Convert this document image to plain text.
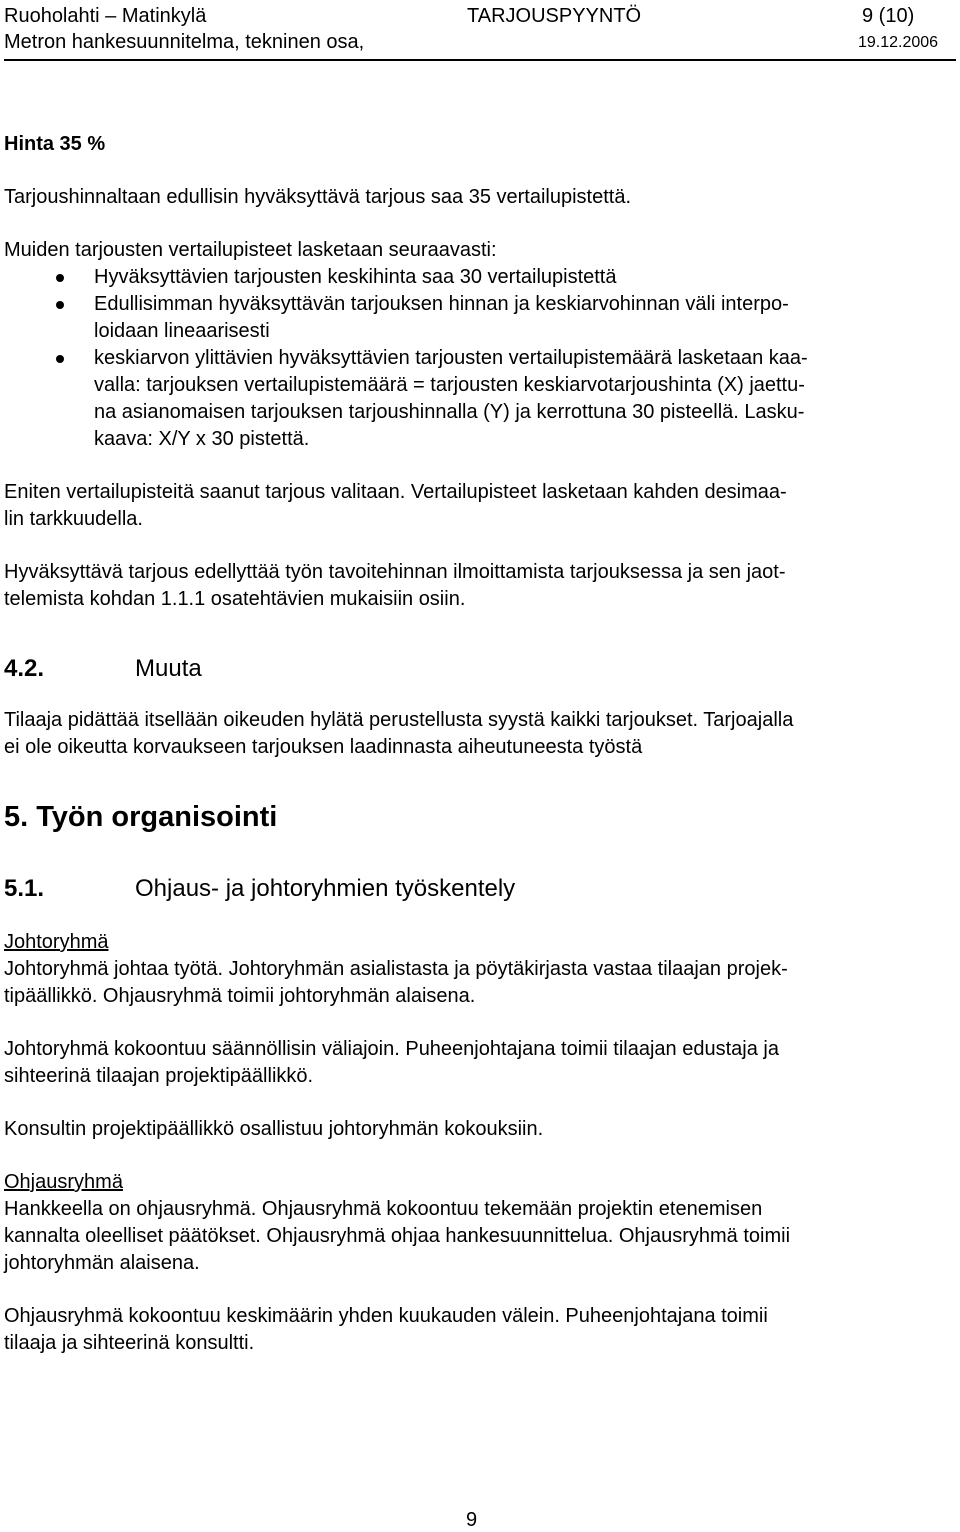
Ruoholahti – Matinkylä	TARJOUSPYYNTÖ	9 (10)
Metron hankesuunnitelma, tekninen osa,	19.12.2006

Hinta 35 %

Tarjoushinnaltaan edullisin hyväksyttävä tarjous saa 35 vertailupistettä.

Muiden tarjousten vertailupisteet lasketaan seuraavasti:

Hyväksyttävien tarjousten keskihinta saa 30 vertailupistettä
Edullisimman hyväksyttävän tarjouksen hinnan ja keskiarvohinnan väli interpo-
loidaan lineaarisesti
keskiarvon ylittävien hyväksyttävien tarjousten vertailupistemäärä lasketaan kaa-
valla: tarjouksen vertailupistemäärä = tarjousten keskiarvotarjoushinta (X) jaettu-
na asianomaisen tarjouksen tarjoushinnalla (Y) ja kerrottuna 30 pisteellä. Lasku-
kaava: X/Y x 30 pistettä.

Eniten vertailupisteitä saanut tarjous valitaan. Vertailupisteet lasketaan kahden desimaa-
lin tarkkuudella.

Hyväksyttävä tarjous edellyttää työn tavoitehinnan ilmoittamista tarjouksessa ja sen jaot-
telemista kohdan 1.1.1 osatehtävien mukaisiin osiin.

4.2.	Muuta

Tilaaja pidättää itsellään oikeuden hylätä perustellusta syystä kaikki tarjoukset. Tarjoajalla
ei ole oikeutta korvaukseen tarjouksen laadinnasta aiheutuneesta työstä

5. Työn organisointi

5.1.	Ohjaus- ja johtoryhmien työskentely

Johtoryhmä

Johtoryhmä johtaa työtä. Johtoryhmän asialistasta ja pöytäkirjasta vastaa tilaajan projek-
tipäällikkö. Ohjausryhmä toimii johtoryhmän alaisena.

Johtoryhmä kokoontuu säännöllisin väliajoin. Puheenjohtajana toimii tilaajan edustaja ja
sihteerinä tilaajan projektipäällikkö.

Konsultin projektipäällikkö osallistuu johtoryhmän kokouksiin.

Ohjausryhmä

Hankkeella on ohjausryhmä. Ohjausryhmä kokoontuu tekemään projektin etenemisen
kannalta oleelliset päätökset. Ohjausryhmä ohjaa hankesuunnittelua. Ohjausryhmä toimii
johtoryhmän alaisena.

Ohjausryhmä kokoontuu keskimäärin yhden kuukauden välein. Puheenjohtajana toimii
tilaaja ja sihteerinä konsultti.

9
